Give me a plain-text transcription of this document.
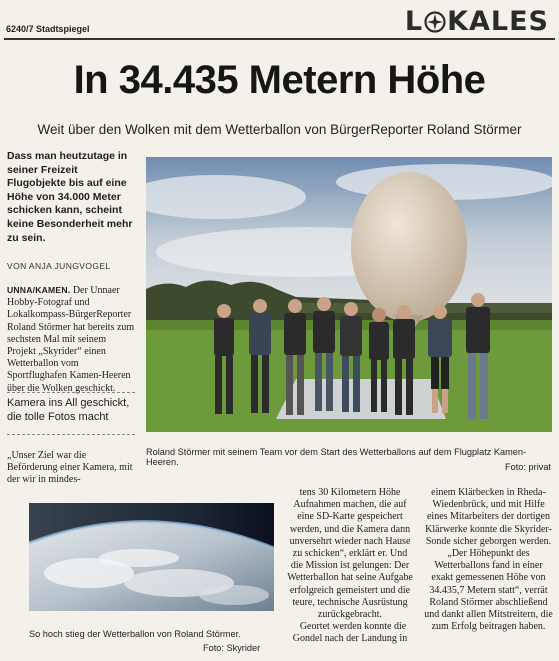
6240/7 Stadtspiegel	L KALES
In 34.435 Metern Höhe
Weit über den Wolken mit dem Wetterballon von BürgerReporter Roland Störmer
Dass man heutzutage in seiner Freizeit Flugobjekte bis auf eine Höhe von 34.000 Meter schicken kann, scheint keine Besonderheit mehr zu sein.
VON ANJA JUNGVOGEL
UNNA/KAMEN. Der Unnaer Hobby-Fotograf und Lokalkompass-BürgerReporter Roland Störmer hat bereits zum sechsten Mal mit seinem Projekt „Skyrider“ einen Wetterballon vom Sportflughafen Kamen-Heeren über die Wolken geschickt.
Kamera ins All geschickt, die tolle Fotos macht
„Unser Ziel war die Beförderung einer Kamera, mit der wir in mindes-
Roland Störmer mit seinem Team vor dem Start des Wetterballons auf dem Flugplatz Kamen-Heeren.	Foto: privat
So hoch stieg der Wetterballon von Roland Störmer.
Foto: Skyrider

tens 30 Kilometern Höhe Aufnahmen machen, die auf eine SD-Karte gespeichert werden, und die Kamera dann unversehrt wieder nach Hause zu schicken“, erklärt er. Und die Mission ist gelungen: Der Wetterballon hat seine Aufgabe erfolgreich gemeistert und die teure, technische Ausrüstung zurückgebracht.

Geortet werden konnte die Gondel nach der Landung in

einem Klärbecken in Rheda-Wiedenbrück, und mit Hilfe eines Mitarbeiters der dortigen Klärwerke konnte die Skyrider-Sonde sicher geborgen werden.

„Der Höhepunkt des Wetterballons fand in einer exakt gemessenen Höhe von 34.435,7 Metern statt“, verrät Roland Störmer abschließend und dankt allen Mitstreitern, die zum Erfolg beitragen haben.
